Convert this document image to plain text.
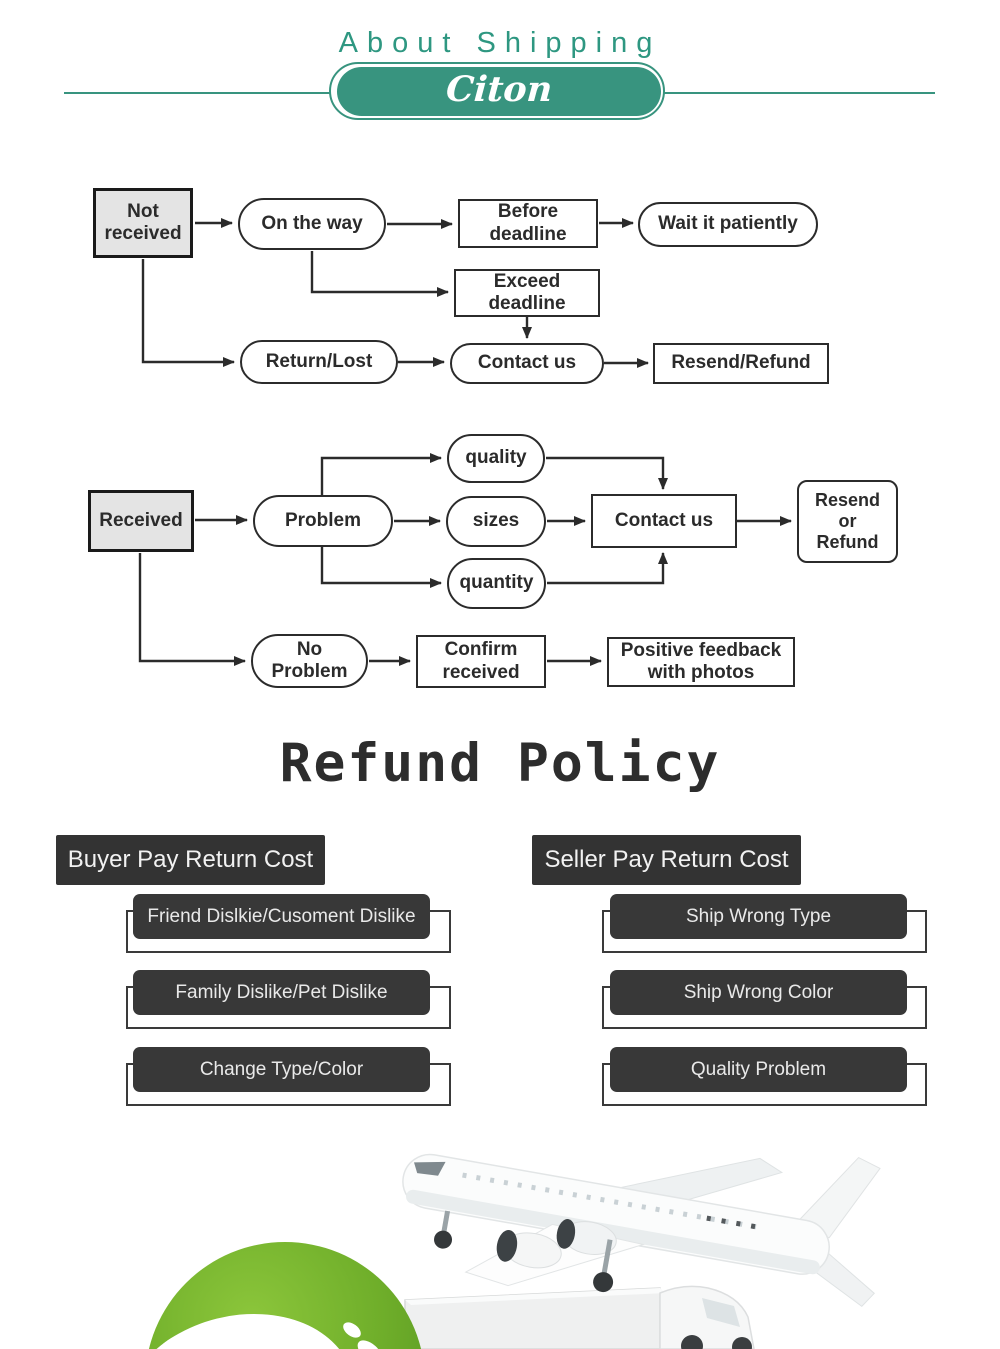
About Shipping
Citon
Not received	On the way
Before deadline	Wait it patiently
Exceed deadline
Return/Lost	Contact us	Resend/Refund
Received	Problem
quality
sizes
quantity
Contact us
Resend or Refund
No Problem
Confirm received
Positive feedback with photos
Refund Policy
Buyer Pay Return Cost
Friend Dislkie/Cusoment Dislike
Family Dislike/Pet Dislike
Change Type/Color
Seller Pay Return Cost
Ship Wrong Type
Ship Wrong Color
Quality Problem
